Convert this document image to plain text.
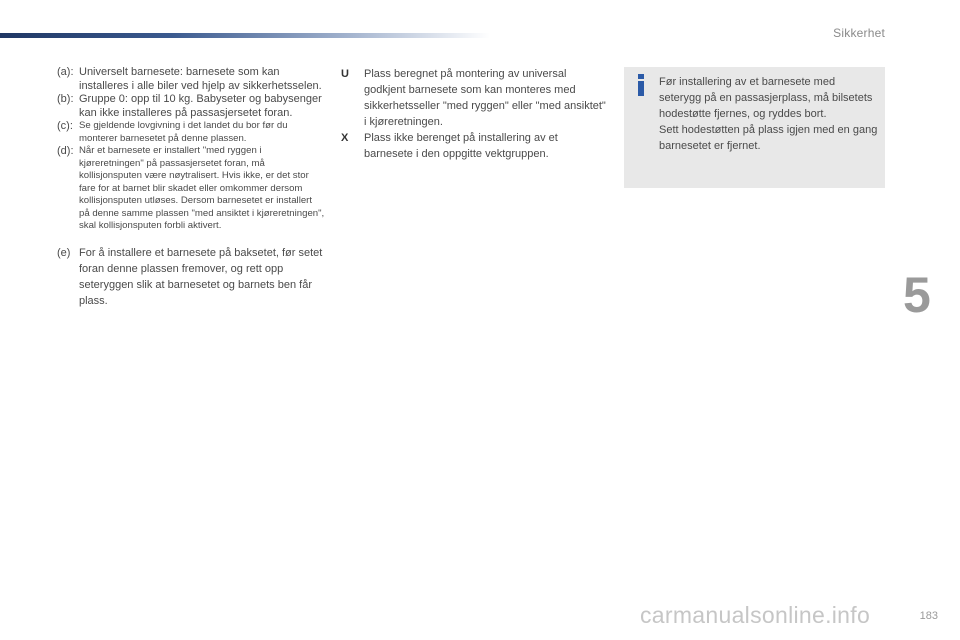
Sikkerhet
5
(a): Universelt barnesete: barnesete som kan installeres i alle biler ved hjelp av sikkerhetsselen.
(b): Gruppe 0: opp til 10 kg. Babyseter og babysenger kan ikke installeres på passasjersetet foran.
(c): Se gjeldende lovgivning i det landet du bor før du monterer barnesetet på denne plassen.
(d): Når et barnesete er installert "med ryggen i kjøreretningen" på passasjersetet foran, må kollisjonsputen være nøytralisert. Hvis ikke, er det stor fare for at barnet blir skadet eller omkommer dersom kollisjonsputen utløses. Dersom barnesetet er installert på denne samme plassen "med ansiktet i kjøreretningen", skal kollisjonsputen forbli aktivert.
(e) For å installere et barnesete på baksetet, før setet foran denne plassen fremover, og rett opp seteryggen slik at barnesetet og barnets ben får plass.
U	Plass beregnet på montering av universal godkjent barnesete som kan monteres med sikkerhetsseller "med ryggen" eller "med ansiktet" i kjøreretningen.
X	Plass ikke berenget på installering av et barnesete i den oppgitte vektgruppen.

Før installering av et barnesete med seterygg på en passasjerplass, må bilsetets hodestøtte fjernes, og ryddes bort.

Sett hodestøtten på plass igjen med en gang barnesetet er fjernet.

carmanualsonline.info	183
